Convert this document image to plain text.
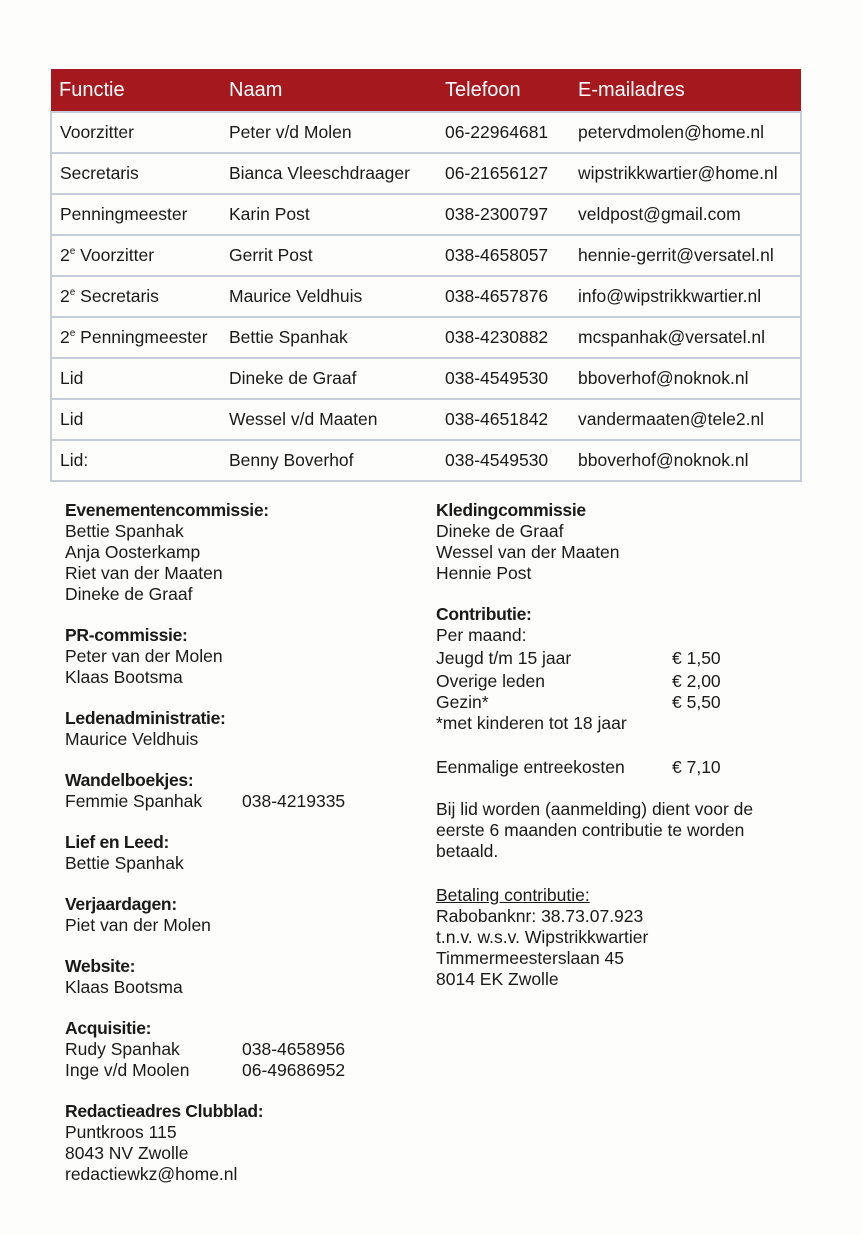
Functie	Naam	Telefoon	E-mailadres
Voorzitter	Peter v/d Molen	06-22964681	petervdmolen@home.nl
Secretaris	Bianca Vleeschdraager	06-21656127	wipstrikkwartier@home.nl
Penningmeester	Karin Post	038-2300797	veldpost@gmail.com
2e Voorzitter	Gerrit Post	038-4658057	hennie-gerrit@versatel.nl
2e Secretaris	Maurice Veldhuis	038-4657876	info@wipstrikkwartier.nl
2e Penningmeester	Bettie Spanhak	038-4230882	mcspanhak@versatel.nl
Lid	Dineke de Graaf	038-4549530	bboverhof@noknok.nl
Lid	Wessel v/d Maaten	038-4651842	vandermaaten@tele2.nl
Lid:	Benny Boverhof	038-4549530	bboverhof@noknok.nl
Evenementencommissie:
Bettie Spanhak
Anja Oosterkamp
Riet van der Maaten
Dineke de Graaf
PR-commissie:
Peter van der Molen
Klaas Bootsma
Ledenadministratie:
Maurice Veldhuis
Wandelboekjes:
Femmie Spanhak	038-4219335
Lief en Leed:
Bettie Spanhak
Verjaardagen:
Piet van der Molen
Website:
Klaas Bootsma
Acquisitie:
Rudy Spanhak	038-4658956
Inge v/d Moolen	06-49686952
Redactieadres Clubblad:
Puntkroos 115
8043 NV Zwolle
redactiewkz@home.nl
Kledingcommissie
Dineke de Graaf
Wessel van der Maaten
Hennie Post
Contributie:
Per maand:
Jeugd t/m 15 jaar	€ 1,50
Overige leden	€ 2,00
Gezin*	€ 5,50
*met kinderen tot 18 jaar
Eenmalige entreekosten	€ 7,10
Bij lid worden (aanmelding) dient voor de eerste 6 maanden contributie te worden betaald.
Betaling contributie:
Rabobanknr: 38.73.07.923
t.n.v. w.s.v. Wipstrikkwartier
Timmermeesterslaan 45
8014 EK Zwolle
